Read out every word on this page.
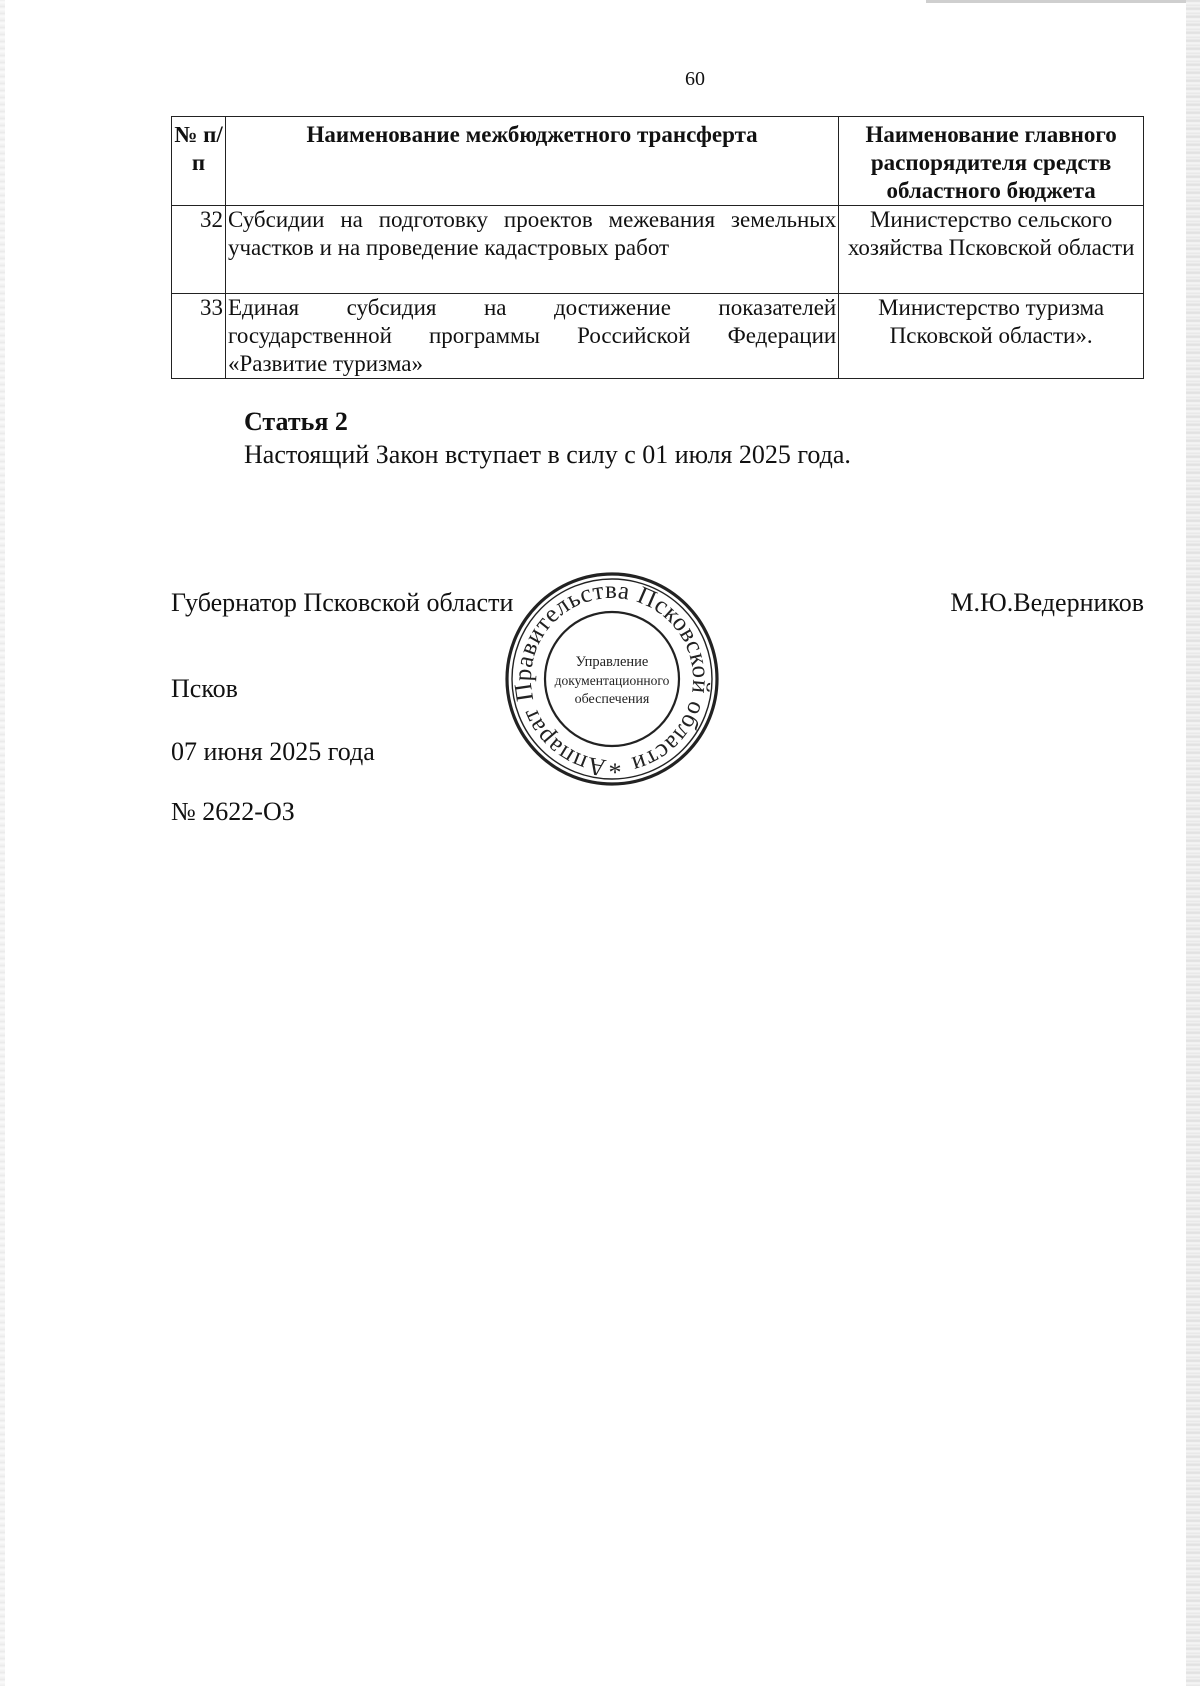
60
№ п/п	Наименование межбюджетного трансферта	Наименование главного распорядителя средств областного бюджета
32	Субсидии на подготовку проектов межевания земельных участков и на проведение кадастровых работ	Министерство сельского хозяйства Псковской области
33	Единая субсидия на достижение показателей государственной программы Российской Федерации «Развитие туризма»	Министерство туризма Псковской области».
Статья 2
Настоящий Закон вступает в силу с 01 июля 2025 года.
Губернатор Псковской области	М.Ю.Ведерников
Псков
07 июня 2025 года
№ 2622-ОЗ
Аппарат Правительства Псковской области
Управление
документационного
обеспечения
*
